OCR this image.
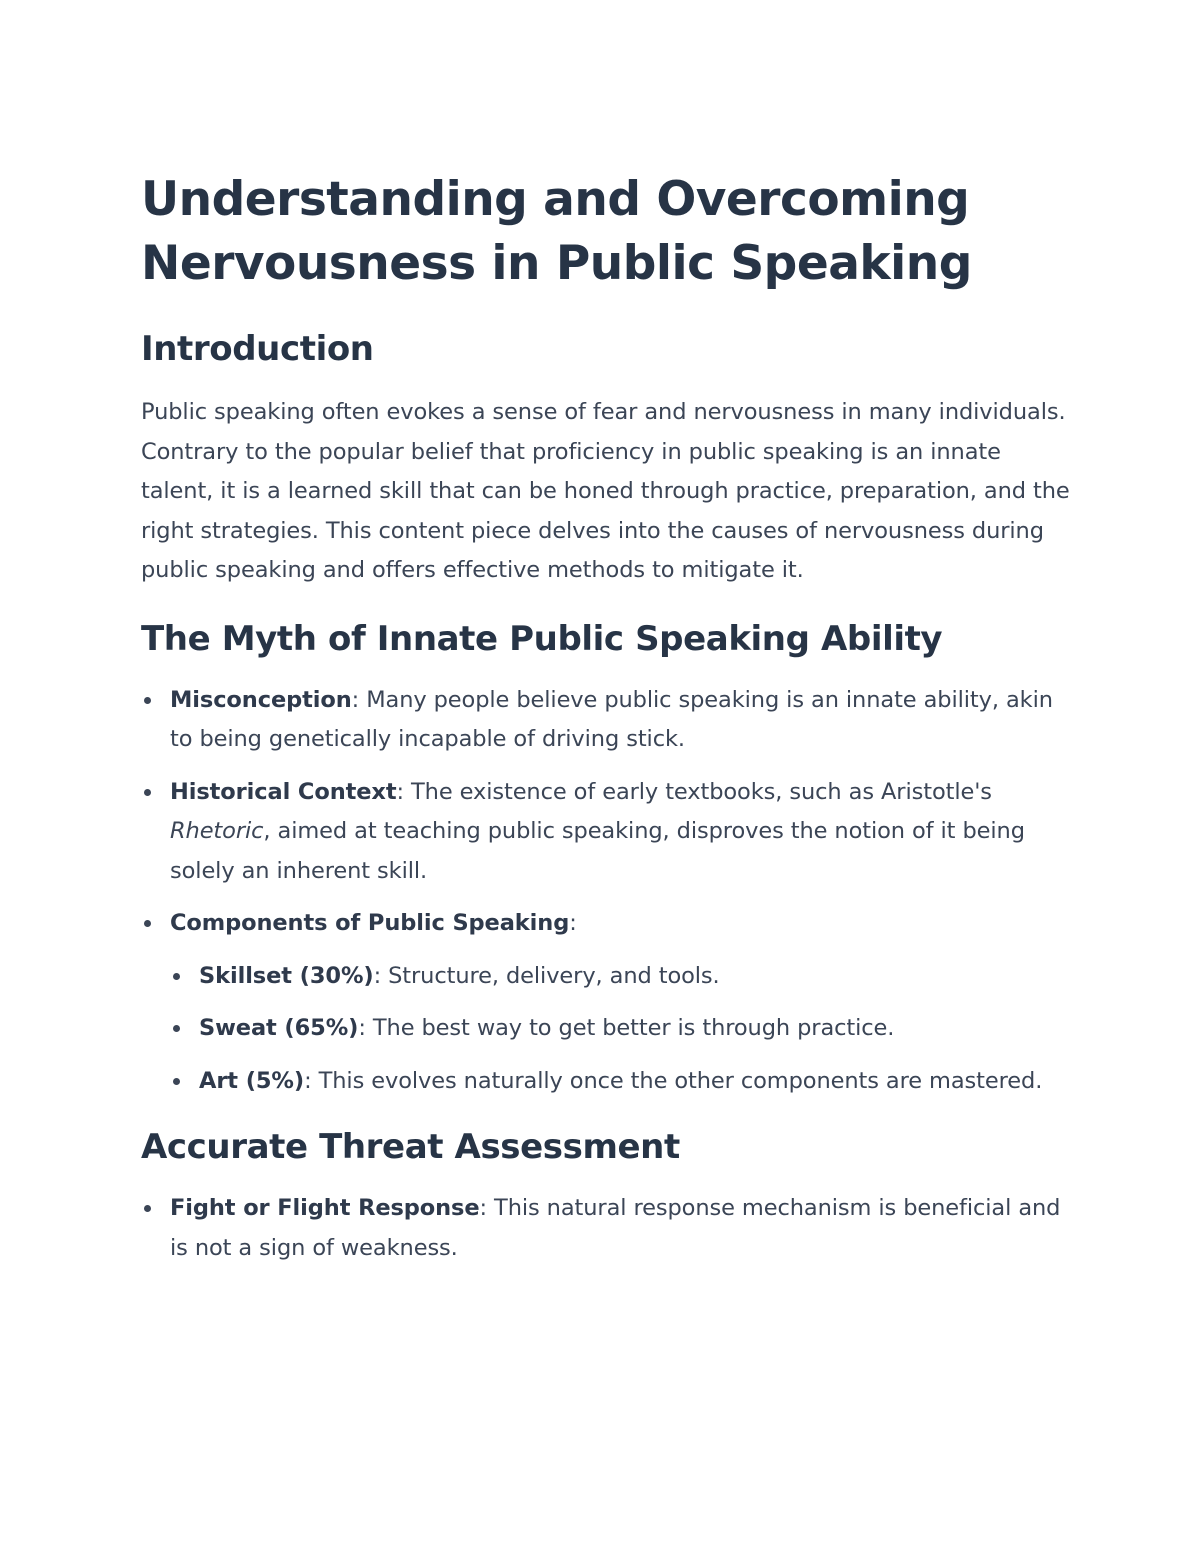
Understanding and Overcoming Nervousness in Public Speaking
Introduction

Public speaking often evokes a sense of fear and nervousness in many individuals. Contrary to the popular belief that proficiency in public speaking is an innate talent, it is a learned skill that can be honed through practice, preparation, and the right strategies. This content piece delves into the causes of nervousness during public speaking and offers effective methods to mitigate it.

The Myth of Innate Public Speaking Ability
Misconception: Many people believe public speaking is an innate ability, akin to being genetically incapable of driving stick.
Historical Context: The existence of early textbooks, such as Aristotle's Rhetoric, aimed at teaching public speaking, disproves the notion of it being solely an inherent skill.
Components of Public Speaking:
Skillset (30%): Structure, delivery, and tools.
Sweat (65%): The best way to get better is through practice.
Art (5%): This evolves naturally once the other components are mastered.
Accurate Threat Assessment
Fight or Flight Response: This natural response mechanism is beneficial and is not a sign of weakness.
